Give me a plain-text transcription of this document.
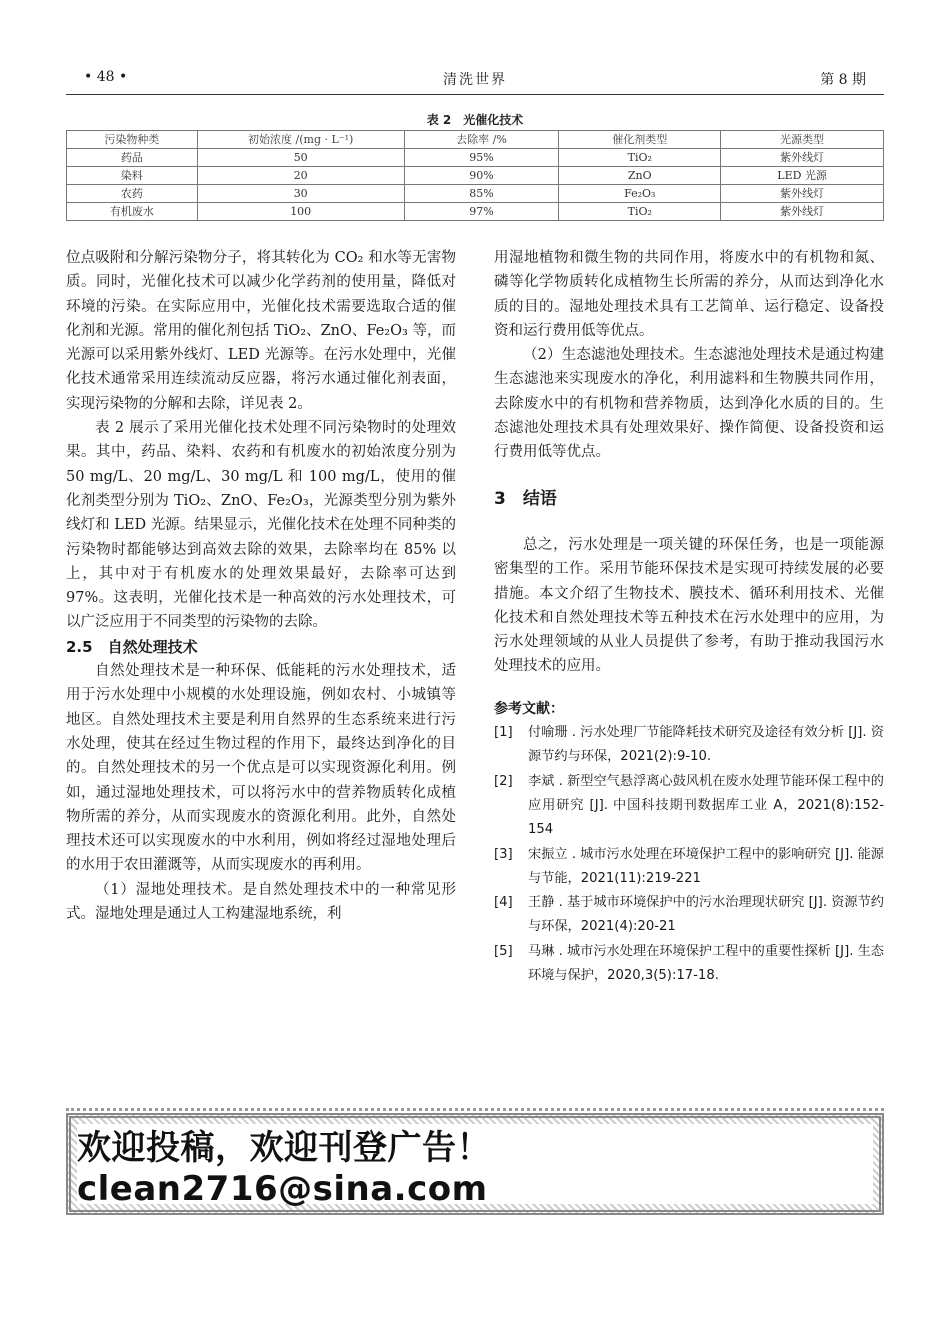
• 48 •	清洗世界	第 8 期
表 2　光催化技术
污染物种类	初始浓度 /(mg · L⁻¹)	去除率 /%	催化剂类型	光源类型
药品	50	95%	TiO₂	紫外线灯
染料	20	90%	ZnO	LED 光源
农药	30	85%	Fe₂O₃	紫外线灯
有机废水	100	97%	TiO₂	紫外线灯

位点吸附和分解污染物分子，将其转化为 CO₂ 和水等无害物质。同时，光催化技术可以减少化学药剂的使用量，降低对环境的污染。在实际应用中，光催化技术需要选取合适的催化剂和光源。常用的催化剂包括 TiO₂、ZnO、Fe₂O₃ 等，而光源可以采用紫外线灯、LED 光源等。在污水处理中，光催化技术通常采用连续流动反应器，将污水通过催化剂表面，实现污染物的分解和去除，详见表 2。

表 2 展示了采用光催化技术处理不同污染物时的处理效果。其中，药品、染料、农药和有机废水的初始浓度分别为 50 mg/L、20 mg/L、30 mg/L 和 100 mg/L，使用的催化剂类型分别为 TiO₂、ZnO、Fe₂O₃，光源类型分别为紫外线灯和 LED 光源。结果显示，光催化技术在处理不同种类的污染物时都能够达到高效去除的效果，去除率均在 85% 以上，其中对于有机废水的处理效果最好，去除率可达到 97%。这表明，光催化技术是一种高效的污水处理技术，可以广泛应用于不同类型的污染物的去除。

2.5　自然处理技术

自然处理技术是一种环保、低能耗的污水处理技术，适用于污水处理中小规模的水处理设施，例如农村、小城镇等地区。自然处理技术主要是利用自然界的生态系统来进行污水处理，使其在经过生物过程的作用下，最终达到净化的目的。自然处理技术的另一个优点是可以实现资源化利用。例如，通过湿地处理技术，可以将污水中的营养物质转化成植物所需的养分，从而实现废水的资源化利用。此外，自然处理技术还可以实现废水的中水利用，例如将经过湿地处理后的水用于农田灌溉等，从而实现废水的再利用。

（1）湿地处理技术。是自然处理技术中的一种常见形式。湿地处理是通过人工构建湿地系统，利

用湿地植物和微生物的共同作用，将废水中的有机物和氮、磷等化学物质转化成植物生长所需的养分，从而达到净化水质的目的。湿地处理技术具有工艺简单、运行稳定、设备投资和运行费用低等优点。

（2）生态滤池处理技术。生态滤池处理技术是通过构建生态滤池来实现废水的净化，利用滤料和生物膜共同作用，去除废水中的有机物和营养物质，达到净化水质的目的。生态滤池处理技术具有处理效果好、操作简便、设备投资和运行费用低等优点。

3　结语

总之，污水处理是一项关键的环保任务，也是一项能源密集型的工作。采用节能环保技术是实现可持续发展的必要措施。本文介绍了生物技术、膜技术、循环利用技术、光催化技术和自然处理技术等五种技术在污水处理中的应用，为污水处理领域的从业人员提供了参考，有助于推动我国污水处理技术的应用。

参考文献：

[1] 付喻珊 . 污水处理厂节能降耗技术研究及途径有效分析 [J]. 资源节约与环保，2021(2):9-10.
[2] 李斌 . 新型空气悬浮离心鼓风机在废水处理节能环保工程中的应用研究 [J]. 中国科技期刊数据库工业 A，2021(8):152-154
[3] 宋振立 . 城市污水处理在环境保护工程中的影响研究 [J]. 能源与节能，2021(11):219-221
[4] 王静 . 基于城市环境保护中的污水治理现状研究 [J]. 资源节约与环保，2021(4):20-21
[5] 马琳 . 城市污水处理在环境保护工程中的重要性探析 [J]. 生态环境与保护，2020,3(5):17-18.
欢迎投稿，欢迎刊登广告！ clean2716@sina.com
